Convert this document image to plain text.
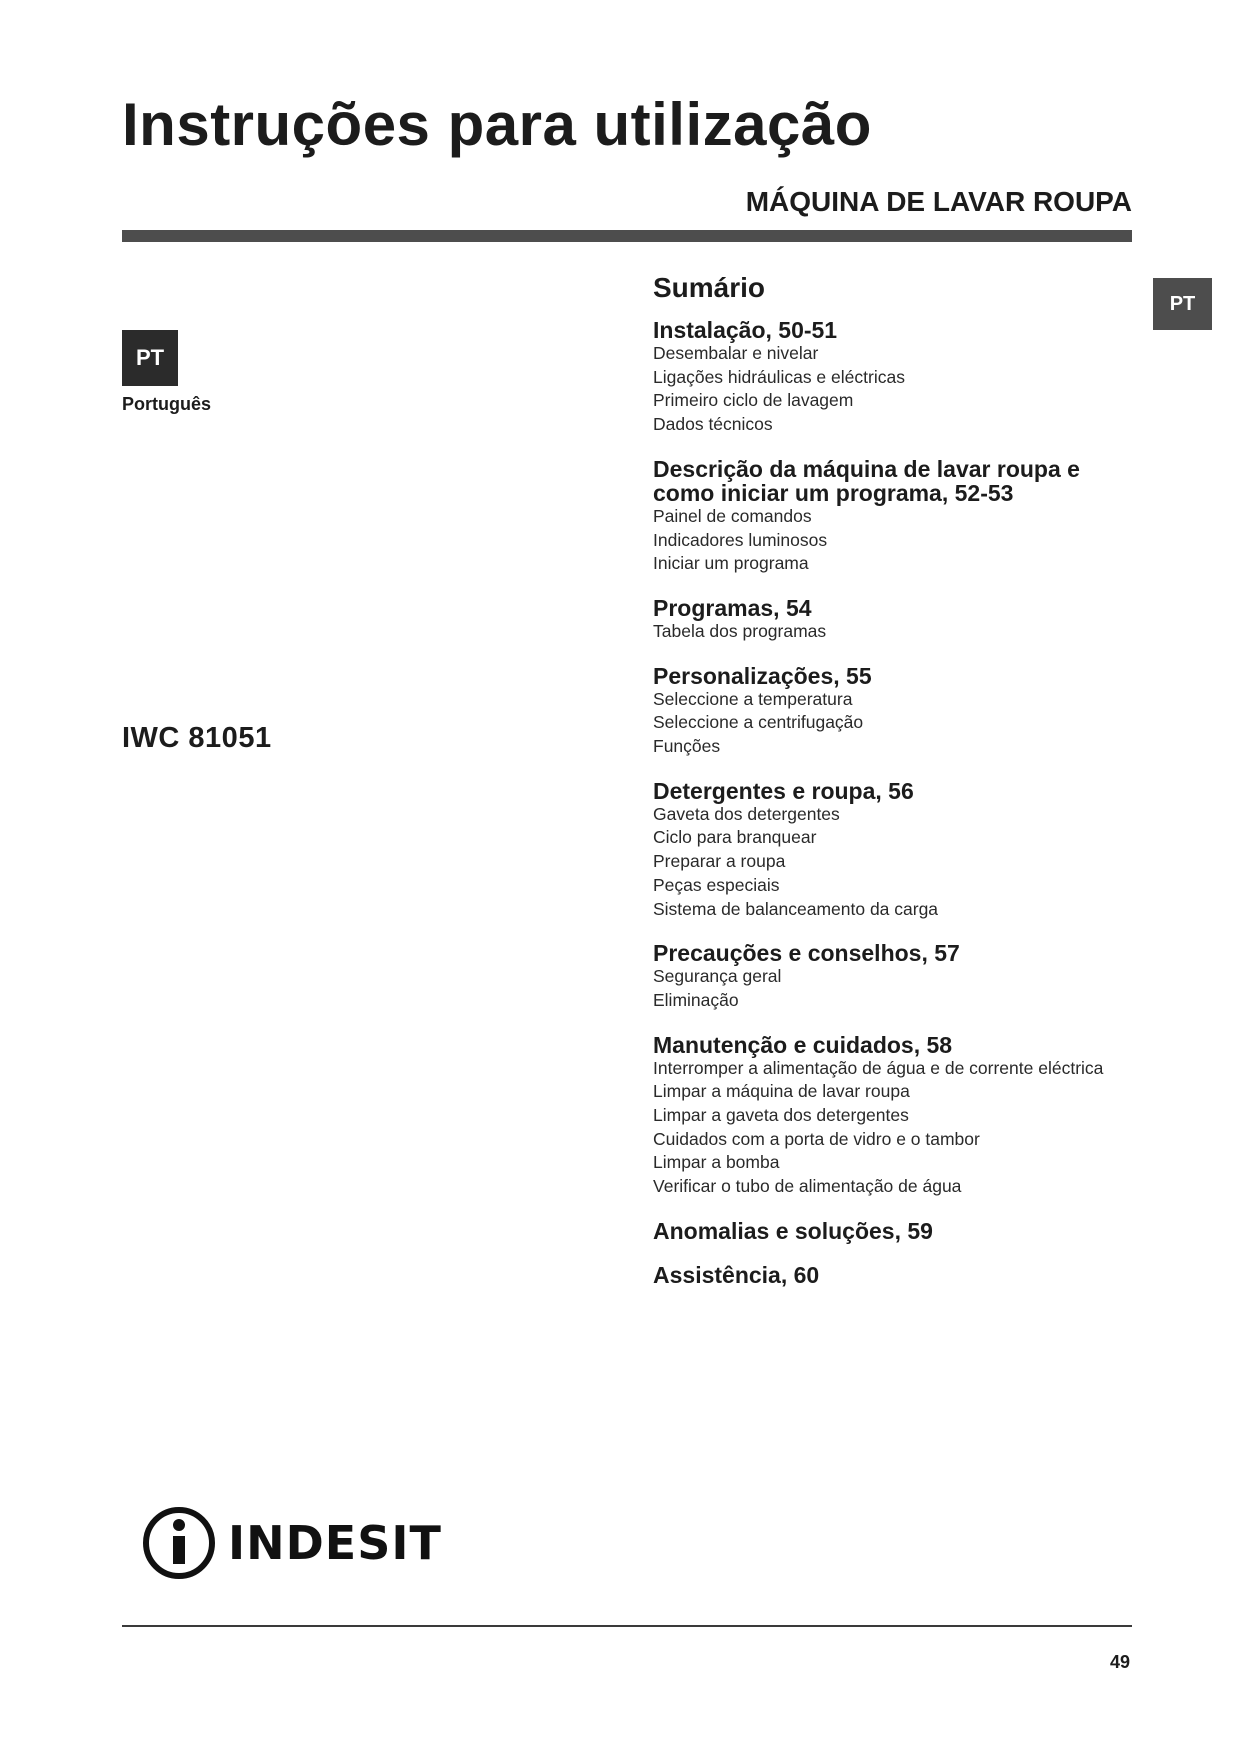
Instruções para utilização
MÁQUINA DE LAVAR ROUPA
PT
PT
Português
IWC 81051
Sumário
Instalação, 50-51
Desembalar e nivelar
Ligações hidráulicas e eléctricas
Primeiro ciclo de lavagem
Dados técnicos
Descrição da máquina de lavar roupa e como iniciar um programa, 52-53
Painel de comandos
Indicadores luminosos
Iniciar um programa
Programas, 54
Tabela dos programas
Personalizações, 55
Seleccione a temperatura
Seleccione a centrifugação
Funções
Detergentes e roupa, 56
Gaveta dos detergentes
Ciclo para branquear
Preparar a roupa
Peças especiais
Sistema de balanceamento da carga
Precauções e conselhos, 57
Segurança geral
Eliminação
Manutenção e cuidados, 58
Interromper a alimentação de água e de corrente eléctrica
Limpar a máquina de lavar roupa
Limpar a gaveta dos detergentes
Cuidados com a porta de vidro e o tambor
Limpar a bomba
Verificar o tubo de alimentação de água
Anomalias e soluções, 59
Assistência, 60
INDESIT
49
